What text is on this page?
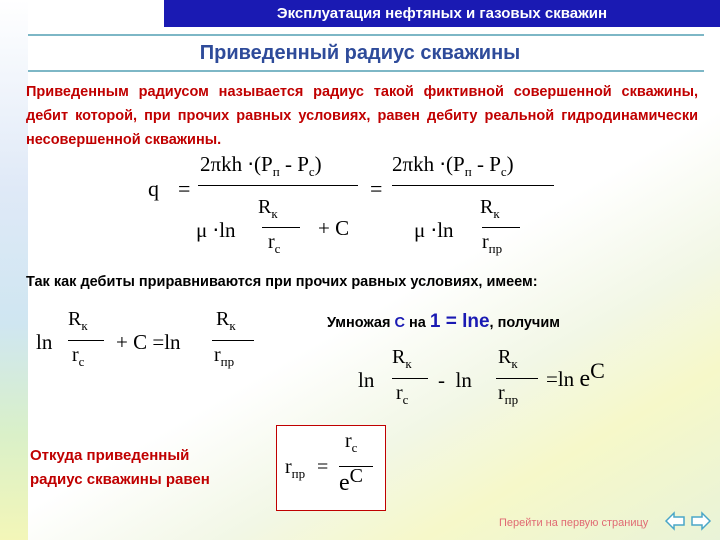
Эксплуатация нефтяных и газовых скважин
Приведенный радиус скважины
Приведенным радиусом называется радиус такой фиктивной совершенной скважины, дебит которой, при прочих равных условиях, равен дебиту реальной гидродинамически несовершенной скважины.
q =
$2\pi kh \cdot(P_п - P_с)$
μ ⋅ln
$R_к$
$r_с$
+ C
=
$2\pi kh \cdot(P_п - P_с)$
μ ⋅ln
$R_к$
$r_{пр}$
Так как дебиты приравниваются при прочих равных условиях, имеем:
ln
$R_к$
$r_с$
+ C =ln
$R_к$
$r_{пр}$
Умножая С на 1 = lne, получим
ln
$R_к$
$r_с$
-  ln
$R_к$
$r_{пр}$
=ln eC
Откуда приведенный радиус скважины равен
$r_{пр}$ =
$r_с$
eC
Перейти на первую страницу
